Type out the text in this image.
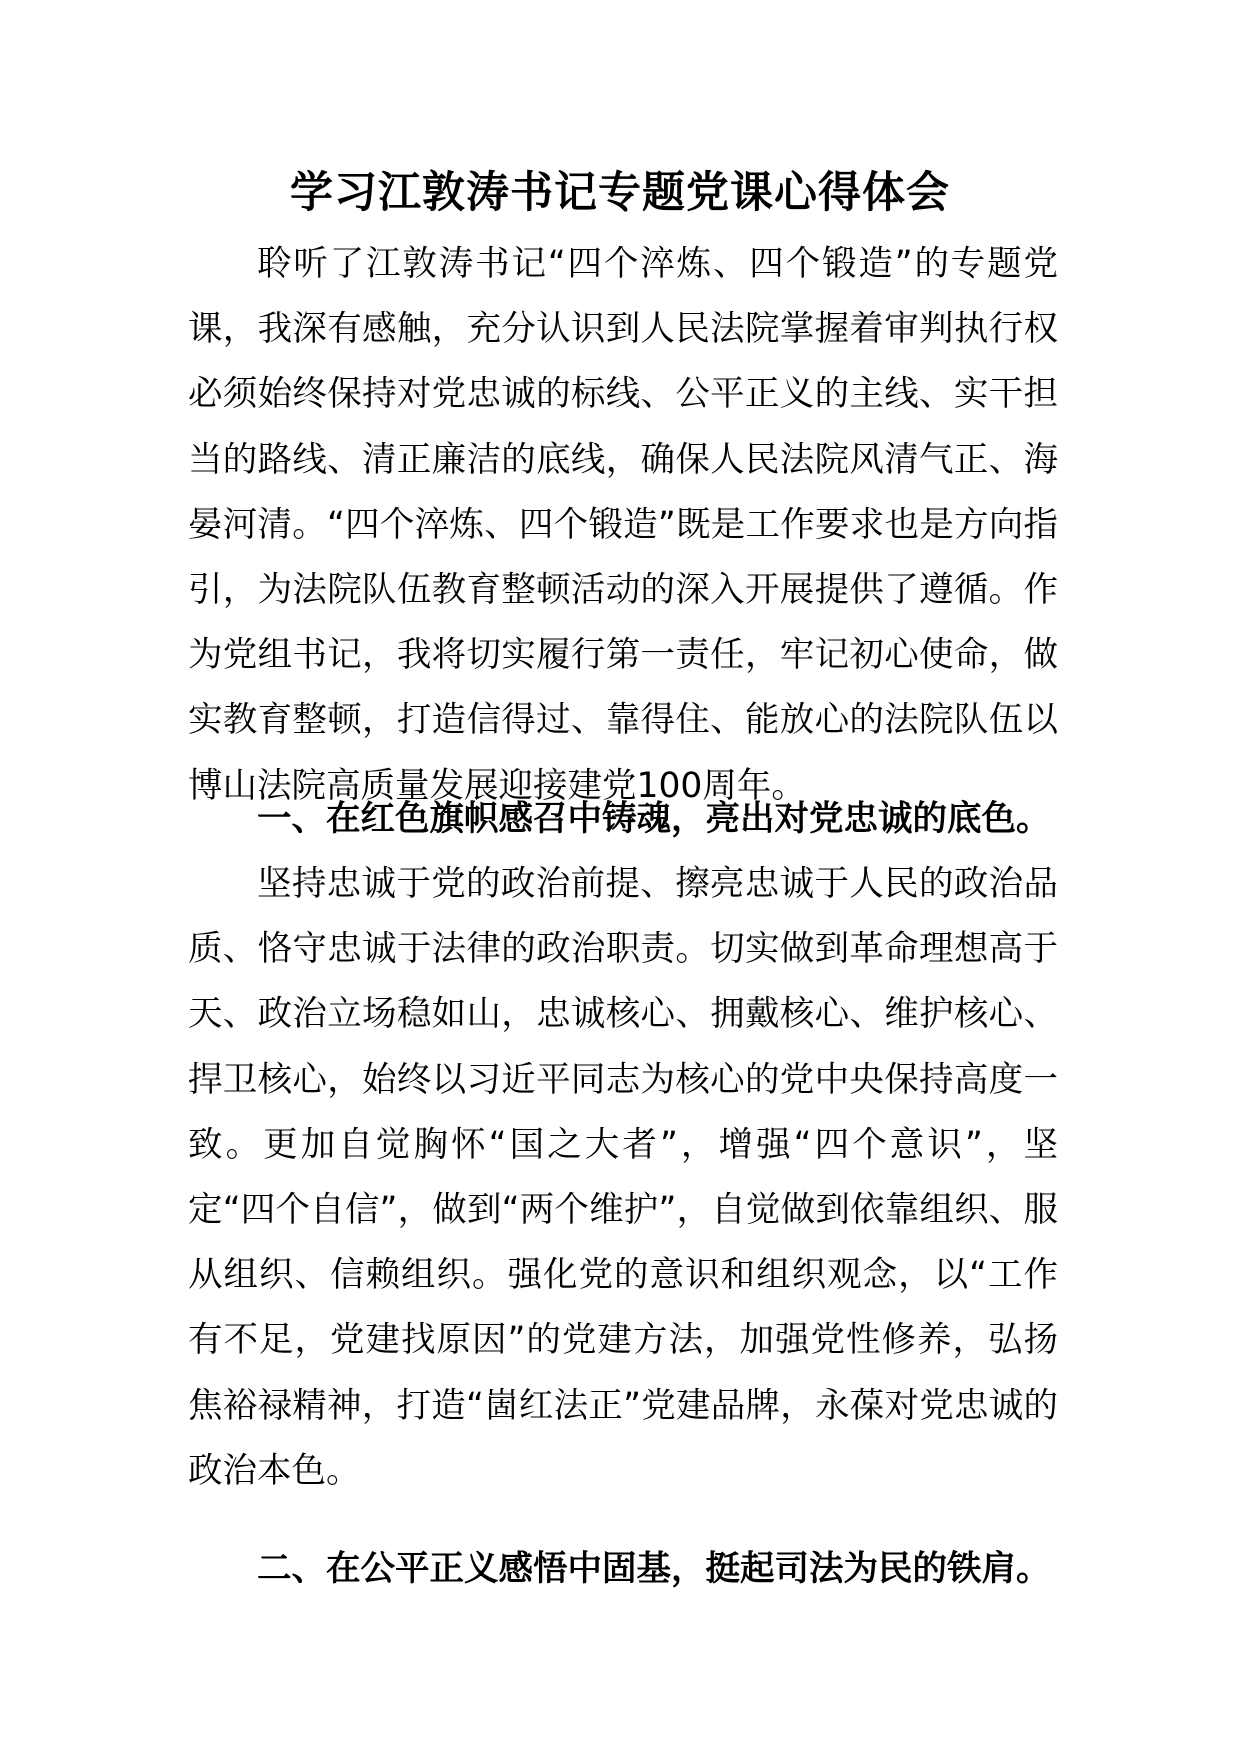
学习江敦涛书记专题党课心得体会

聆听了江敦涛书记“四个淬炼、四个锻造”的专题党课，我深有感触，充分认识到人民法院掌握着审判执行权必须始终保持对党忠诚的标线、公平正义的主线、实干担当的路线、清正廉洁的底线，确保人民法院风清气正、海晏河清。“四个淬炼、四个锻造”既是工作要求也是方向指引，为法院队伍教育整顿活动的深入开展提供了遵循。作为党组书记，我将切实履行第一责任，牢记初心使命，做实教育整顿，打造信得过、靠得住、能放心的法院队伍以博山法院高质量发展迎接建党100周年。

一、在红色旗帜感召中铸魂，亮出对党忠诚的底色。

坚持忠诚于党的政治前提、擦亮忠诚于人民的政治品质、恪守忠诚于法律的政治职责。切实做到革命理想高于天、政治立场稳如山，忠诚核心、拥戴核心、维护核心、捍卫核心，始终以习近平同志为核心的党中央保持高度一致。更加自觉胸怀“国之大者”，增强“四个意识”，坚定“四个自信”，做到“两个维护”，自觉做到依靠组织、服从组织、信赖组织。强化党的意识和组织观念，以“工作有不足，党建找原因”的党建方法，加强党性修养，弘扬焦裕禄精神，打造“崮红法正”党建品牌，永葆对党忠诚的政治本色。

二、在公平正义感悟中固基，挺起司法为民的铁肩。
